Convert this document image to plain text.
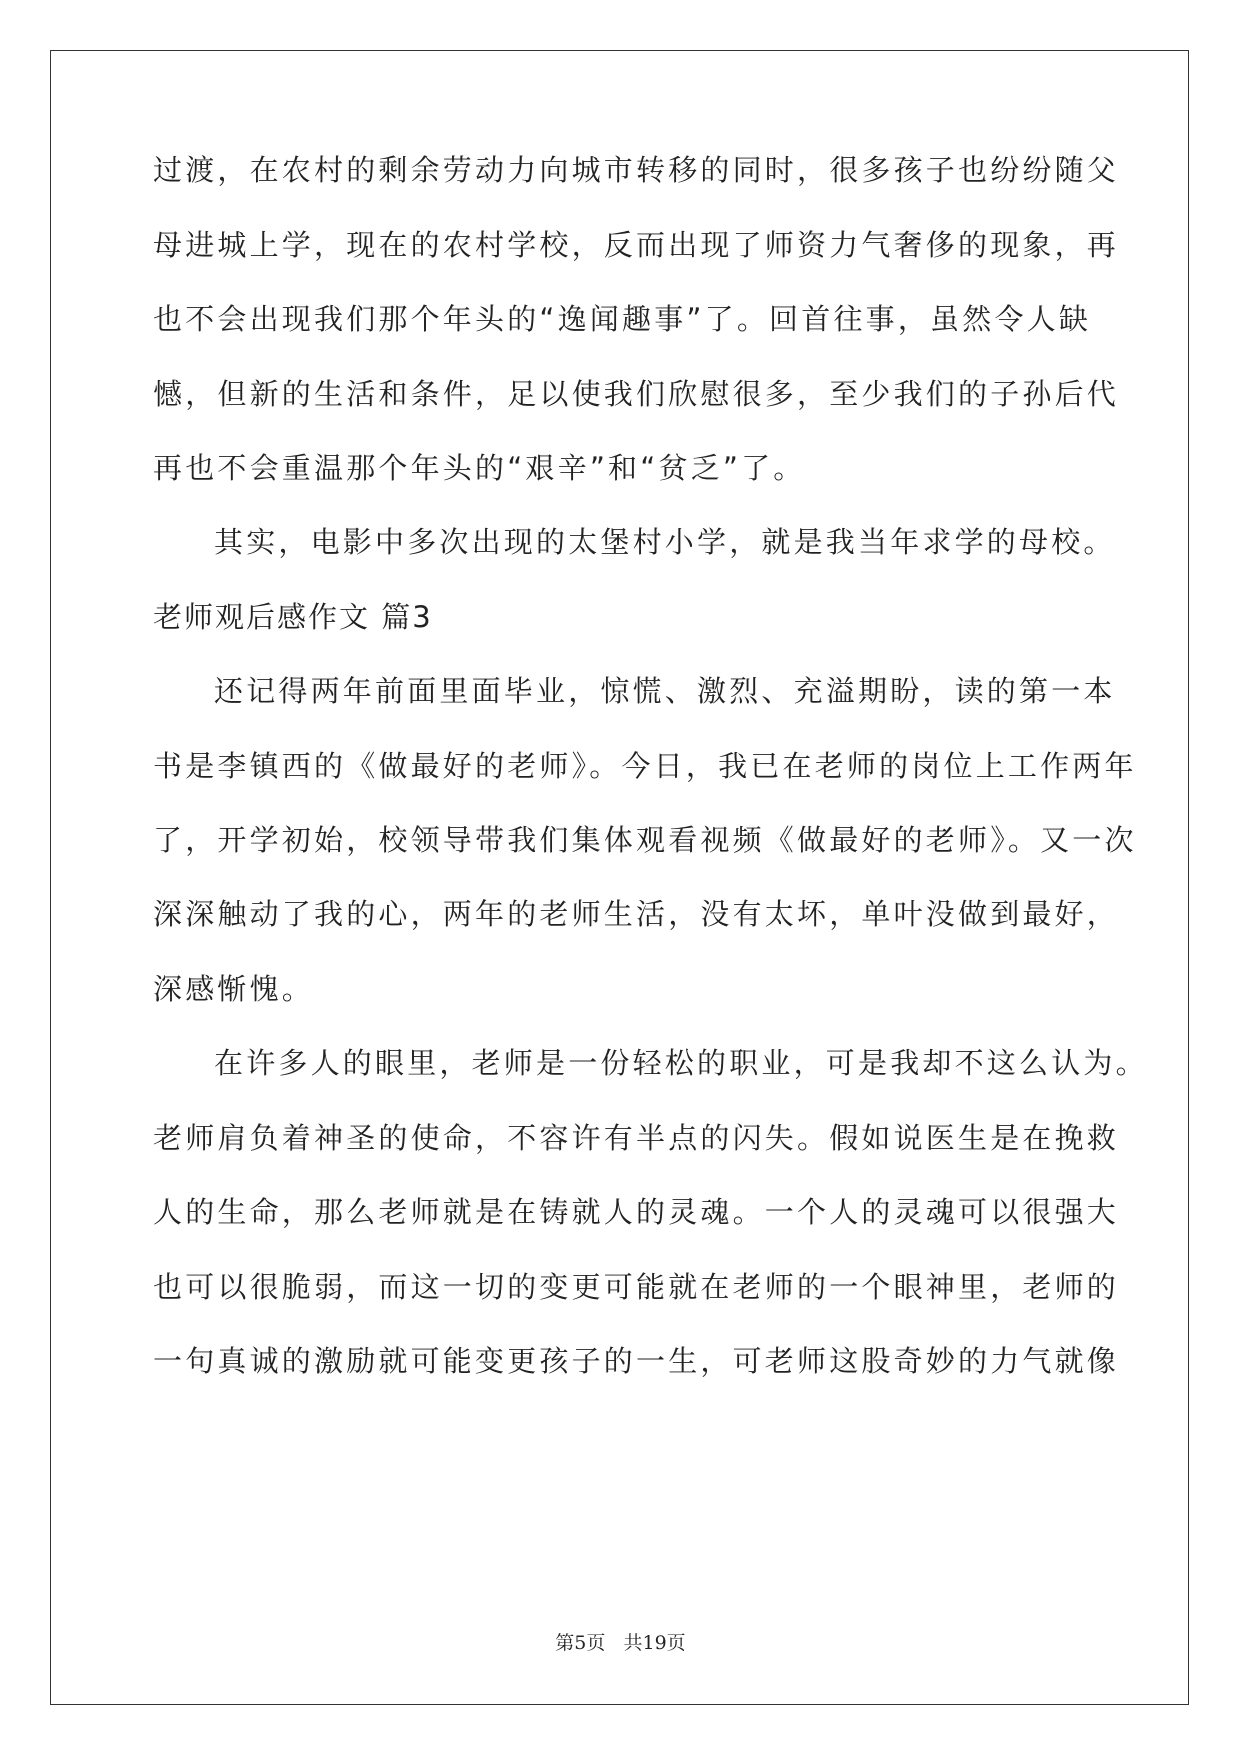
过渡，在农村的剩余劳动力向城市转移的同时，很多孩子也纷纷随父
母进城上学，现在的农村学校，反而出现了师资力气奢侈的现象，再
也不会出现我们那个年头的“逸闻趣事”了。回首往事，虽然令人缺
憾，但新的生活和条件，足以使我们欣慰很多，至少我们的子孙后代
再也不会重温那个年头的“艰辛”和“贫乏”了。
其实，电影中多次出现的太堡村小学，就是我当年求学的母校。
老师观后感作文 篇3
还记得两年前面里面毕业，惊慌、激烈、充溢期盼，读的第一本
书是李镇西的《做最好的老师》。今日，我已在老师的岗位上工作两年
了，开学初始，校领导带我们集体观看视频《做最好的老师》。又一次
深深触动了我的心，两年的老师生活，没有太坏，单叶没做到最好，
深感惭愧。
在许多人的眼里，老师是一份轻松的职业，可是我却不这么认为。
老师肩负着神圣的使命，不容许有半点的闪失。假如说医生是在挽救
人的生命，那么老师就是在铸就人的灵魂。一个人的灵魂可以很强大
也可以很脆弱，而这一切的变更可能就在老师的一个眼神里，老师的
一句真诚的激励就可能变更孩子的一生，可老师这股奇妙的力气就像
第5页   共19页
